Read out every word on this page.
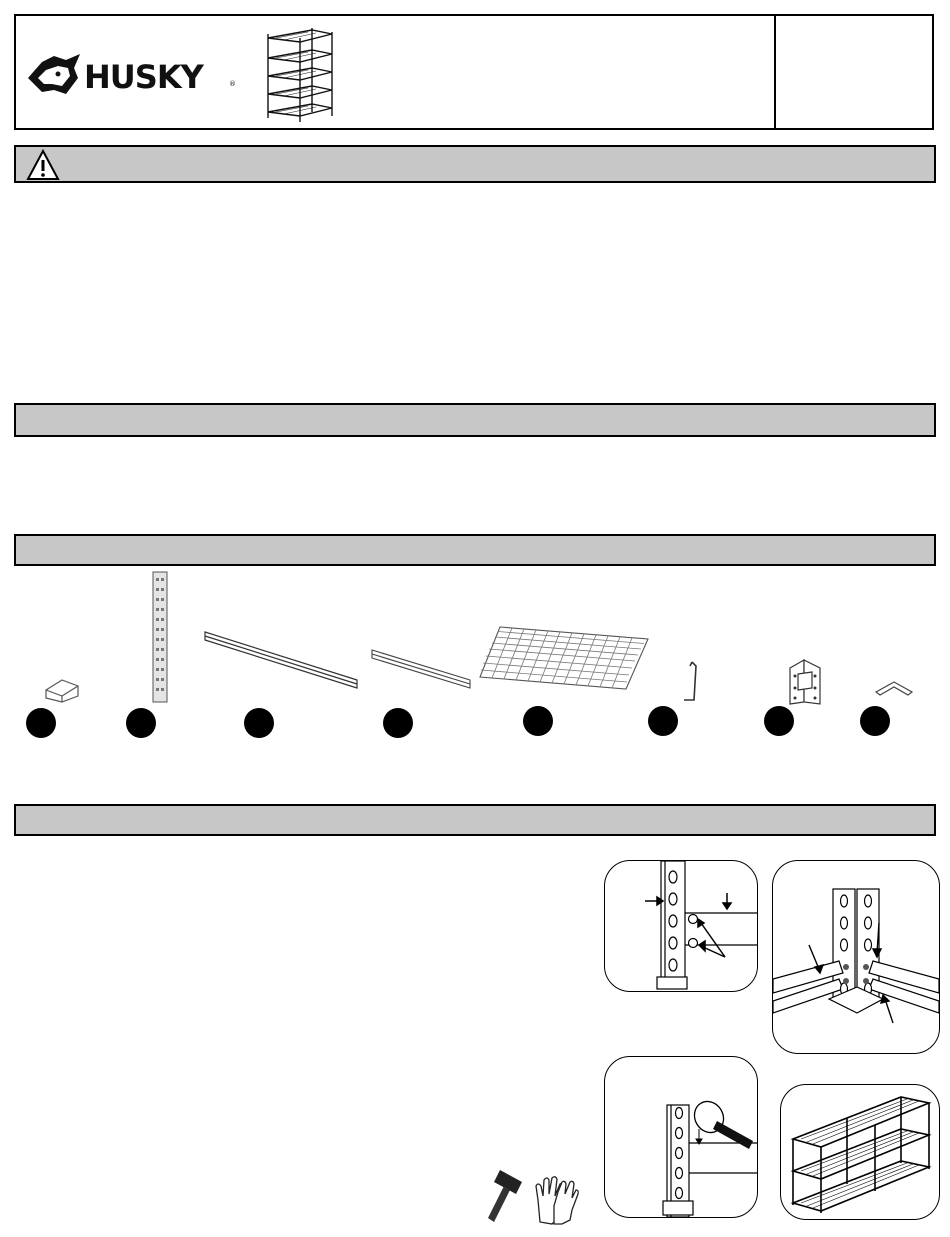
HUSKY	®
